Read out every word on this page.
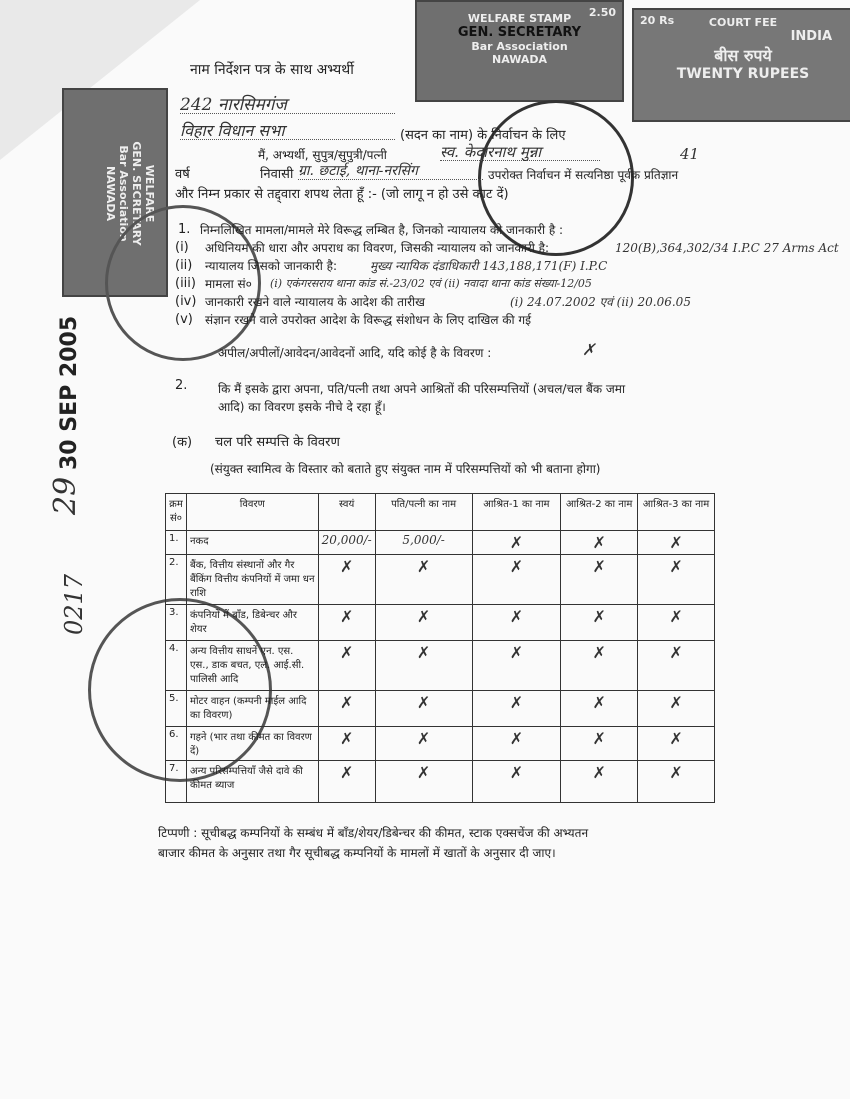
WELFARE STAMP	2.50
GEN. SECRETARY
Bar Association
NAWADA
20 Rs	COURT FEE
INDIA
बीस रुपये
TWENTY RUPEES
WELFARE
GEN. SECRETARY
Bar Association
NAWADA
30 SEP 2005
29
0217
नाम निर्देशन पत्र के साथ अभ्यर्थी
242 नारसिमगंज
विहार विधान सभा	(सदन का नाम) के निर्वाचन के लिए
मैं, अभ्यर्थी, सुपुत्र/सुपुत्री/पत्नी	स्व. केदारनाथ मुन्ना	41
वर्ष	निवासी ग्रा. छटाई, थाना-नरसिंग	उपरोक्त निर्वाचन में सत्यनिष्ठा पूर्वक प्रतिज्ञान
और निम्न प्रकार से तद्द्वारा शपथ लेता हूँ :- (जो लागू न हो उसे काट दें)
1. निम्नलिखित मामला/मामले मेरे विरूद्ध लम्बित है, जिनको न्यायालय को जानकारी है :
(i) अधिनियम की धारा और अपराध का विवरण, जिसकी न्यायालय को जानकारी है:	120(B),364,302/34 I.P.C 27 Arms Act
(ii) न्यायालय जिसको जानकारी है:	मुख्य न्यायिक दंडाधिकारी 143,188,171(F) I.P.C
(iii) मामला सं० (i) एकंगरसराय थाना कांड सं.-23/02 एवं (ii) नवादा थाना कांड संख्या-12/05
(iv) जानकारी रखने वाले न्यायालय के आदेश की तारीख	(i) 24.07.2002 एवं (ii) 20.06.05
(v) संज्ञान रखने वाले उपरोक्त आदेश के विरूद्ध संशोधन के लिए दाखिल की गई
अपील/अपीलों/आवेदन/आवेदनों आदि, यदि कोई है के विवरण :	✗
2.	कि मैं इसके द्वारा अपना, पति/पत्नी तथा अपने आश्रितों की परिसम्पत्तियों (अचल/चल बैंक जमा
आदि) का विवरण इसके नीचे दे रहा हूँ।
(क) चल परि सम्पत्ति के विवरण
(संयुक्त स्वामित्व के विस्तार को बताते हुए संयुक्त नाम में परिसम्पत्तियों को भी बताना होगा)
क्रम सं०	विवरण	स्वयं	पति/पत्नी का नाम	आश्रित-1 का नाम	आश्रित-2 का नाम	आश्रित-3 का नाम
1.	नकद	20,000/-	5,000/-	✗	✗	✗
2.	बैंक, वित्तीय संस्थानों और गैर बैंकिंग वित्तीय कंपनियों में जमा धन राशि	✗	✗	✗	✗	✗
3.	कंपनियों में बाँड, डिबेन्चर और शेयर	✗	✗	✗	✗	✗
4.	अन्य वित्तीय साधनें एन. एस. एस., डाक बचत, एल. आई.सी. पालिसी आदि	✗	✗	✗	✗	✗
5.	मोटर वाहन (कम्पनी माईल आदि का विवरण)	✗	✗	✗	✗	✗
6.	गहने (भार तथा कीमत का विवरण दें)	✗	✗	✗	✗	✗
7.	अन्य परिसम्पत्तियाँ जैसे दावे की कीमत ब्याज	✗	✗	✗	✗	✗
टिप्पणी : सूचीबद्ध कम्पनियों के सम्बंध में बाँड/शेयर/डिबेन्चर की कीमत, स्टाक एक्सचेंज की अभ्यतन
बाजार कीमत के अनुसार तथा गैर सूचीबद्ध कम्पनियों के मामलों में खातों के अनुसार दी जाए।
